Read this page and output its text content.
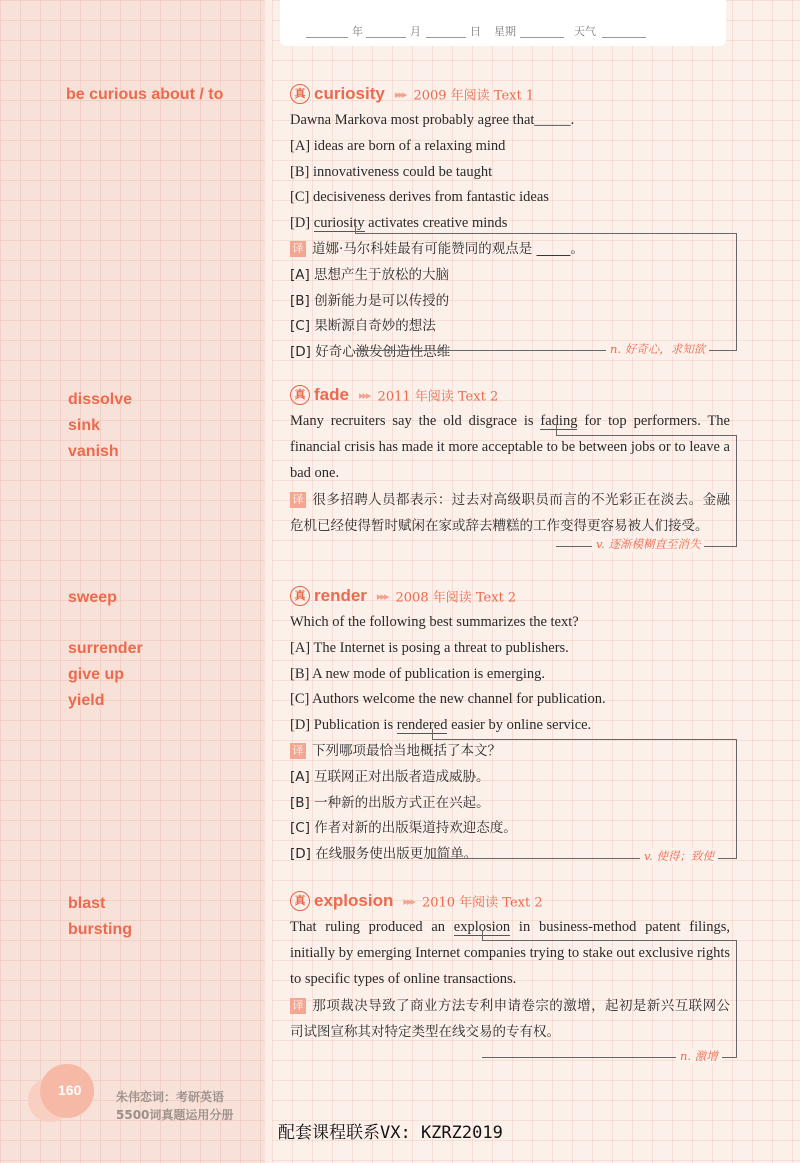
年	月	日 星期	天气
be curious about / to
dissolve
sink
vanish
sweep
surrender
give up
yield
blast
bursting
真 curiosity ▸▸▸ 2009 年阅读 Text 1
Dawna Markova most probably agree that_____.
[A] ideas are born of a relaxing mind
[B] innovativeness could be taught
[C] decisiveness derives from fantastic ideas
[D] curiosity activates creative minds
译 道娜·马尔科娃最有可能赞同的观点是 _____。
[A] 思想产生于放松的大脑
[B] 创新能力是可以传授的
[C] 果断源自奇妙的想法
[D] 好奇心激发创造性思维	n. 好奇心，求知欲
真 fade ▸▸▸ 2011 年阅读 Text 2
Many recruiters say the old disgrace is fading for top performers. The financial crisis has made it more acceptable to be between jobs or to leave a bad one.
译 很多招聘人员都表示：过去对高级职员而言的不光彩正在淡去。金融危机已经使得暂时赋闲在家或辞去糟糕的工作变得更容易被人们接受。
v. 逐渐模糊直至消失
真 render ▸▸▸ 2008 年阅读 Text 2
Which of the following best summarizes the text?
[A] The Internet is posing a threat to publishers.
[B] A new mode of publication is emerging.
[C] Authors welcome the new channel for publication.
[D] Publication is rendered easier by online service.
译 下列哪项最恰当地概括了本文？
[A] 互联网正对出版者造成威胁。
[B] 一种新的出版方式正在兴起。
[C] 作者对新的出版渠道持欢迎态度。
[D] 在线服务使出版更加简单。	v. 使得；致使
真 explosion ▸▸▸ 2010 年阅读 Text 2
That ruling produced an explosion in business-method patent filings, initially by emerging Internet companies trying to stake out exclusive rights to specific types of online transactions.
译 那项裁决导致了商业方法专利申请卷宗的激增，起初是新兴互联网公司试图宣称其对特定类型在线交易的专有权。
n. 激增
160	朱伟恋词：考研英语
5500词真题运用分册
配套课程联系VX: KZRZ2019
